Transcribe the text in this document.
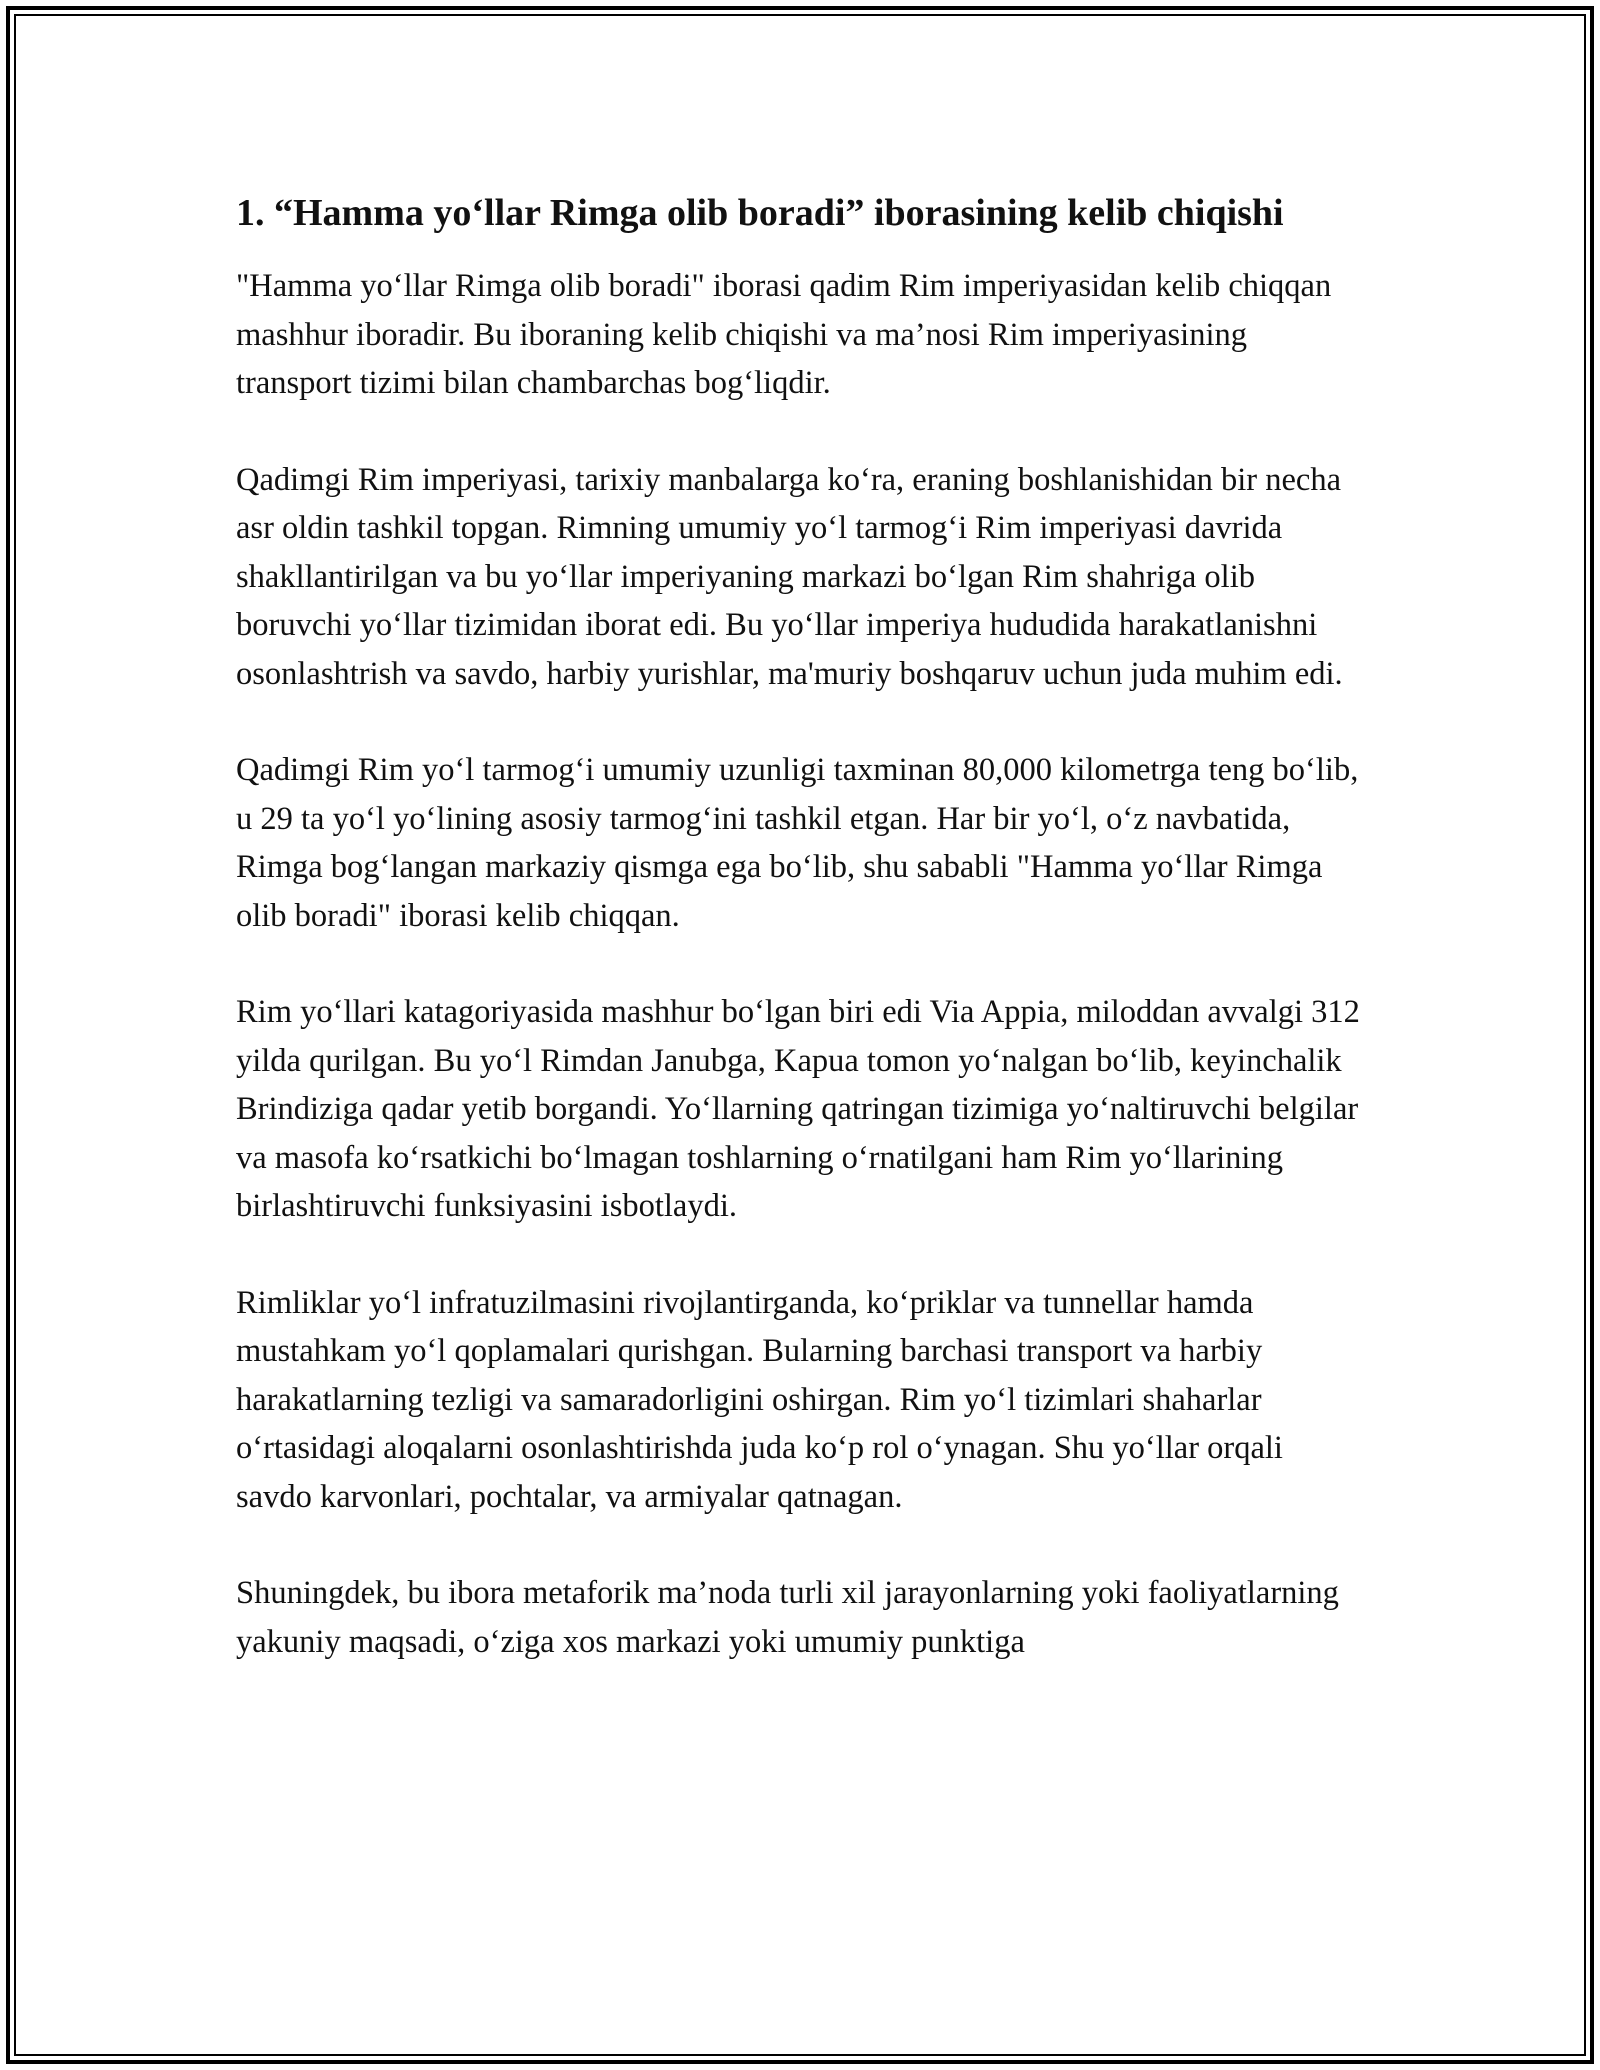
1. “Hamma yo‘llar Rimga olib boradi” iborasining kelib chiqishi

"Hamma yo‘llar Rimga olib boradi" iborasi qadim Rim imperiyasidan kelib chiqqan mashhur iboradir. Bu iboraning kelib chiqishi va ma’nosi Rim imperiyasining transport tizimi bilan chambarchas bog‘liqdir.

Qadimgi Rim imperiyasi, tarixiy manbalarga ko‘ra, eraning boshlanishidan bir necha asr oldin tashkil topgan. Rimning umumiy yo‘l tarmog‘i Rim imperiyasi davrida shakllantirilgan va bu yo‘llar imperiyaning markazi bo‘lgan Rim shahriga olib boruvchi yo‘llar tizimidan iborat edi. Bu yo‘llar imperiya hududida harakatlanishni osonlashtrish va savdo, harbiy yurishlar, ma'muriy boshqaruv uchun juda muhim edi.

Qadimgi Rim yo‘l tarmog‘i umumiy uzunligi taxminan 80,000 kilometrga teng bo‘lib, u 29 ta yo‘l yo‘lining asosiy tarmog‘ini tashkil etgan. Har bir yo‘l, o‘z navbatida, Rimga bog‘langan markaziy qismga ega bo‘lib, shu sababli "Hamma yo‘llar Rimga olib boradi" iborasi kelib chiqqan.

Rim yo‘llari katagoriyasida mashhur bo‘lgan biri edi Via Appia, miloddan avvalgi 312 yilda qurilgan. Bu yo‘l Rimdan Janubga, Kapua tomon yo‘nalgan bo‘lib, keyinchalik Brindiziga qadar yetib borgandi. Yo‘llarning qatringan tizimiga yo‘naltiruvchi belgilar va masofa ko‘rsatkichi bo‘lmagan toshlarning o‘rnatilgani ham Rim yo‘llarining birlashtiruvchi funksiyasini isbotlaydi.

Rimliklar yo‘l infratuzilmasini rivojlantirganda, ko‘priklar va tunnellar hamda mustahkam yo‘l qoplamalari qurishgan. Bularning barchasi transport va harbiy harakatlarning tezligi va samaradorligini oshirgan. Rim yo‘l tizimlari shaharlar o‘rtasidagi aloqalarni osonlashtirishda juda ko‘p rol o‘ynagan. Shu yo‘llar orqali savdo karvonlari, pochtalar, va armiyalar qatnagan.

Shuningdek, bu ibora metaforik ma’noda turli xil jarayonlarning yoki faoliyatlarning yakuniy maqsadi, o‘ziga xos markazi yoki umumiy punktiga
